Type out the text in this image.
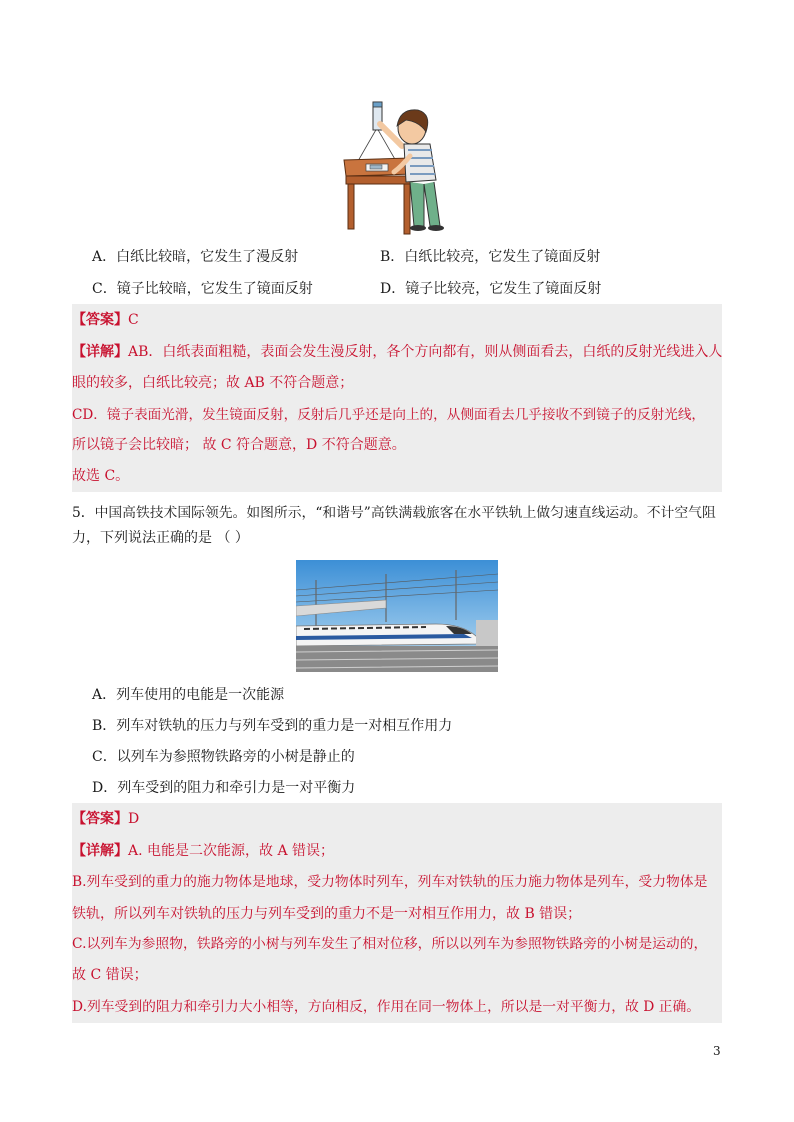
A．白纸比较暗，它发生了漫反射	B．白纸比较亮，它发生了镜面反射
C．镜子比较暗，它发生了镜面反射	D．镜子比较亮，它发生了镜面反射
【答案】C
【详解】AB．白纸表面粗糙，表面会发生漫反射，各个方向都有，则从侧面看去，白纸的反射光线进入人
眼的较多，白纸比较亮；故 AB 不符合题意；
CD．镜子表面光滑，发生镜面反射，反射后几乎还是向上的，从侧面看去几乎接收不到镜子的反射光线，
所以镜子会比较暗； 故 C 符合题意，D 不符合题意。
故选 C。
5．中国高铁技术国际领先。如图所示，“和谐号”高铁满载旅客在水平铁轨上做匀速直线运动。不计空气阻
力，下列说法正确的是 （ ）
A．列车使用的电能是一次能源
B．列车对铁轨的压力与列车受到的重力是一对相互作用力
C．以列车为参照物铁路旁的小树是静止的
D．列车受到的阻力和牵引力是一对平衡力
【答案】D
【详解】A. 电能是二次能源，故 A 错误；
B.列车受到的重力的施力物体是地球，受力物体时列车，列车对铁轨的压力施力物体是列车，受力物体是
铁轨，所以列车对铁轨的压力与列车受到的重力不是一对相互作用力，故 B 错误；
C.以列车为参照物，铁路旁的小树与列车发生了相对位移，所以以列车为参照物铁路旁的小树是运动的，
故 C 错误；
D.列车受到的阻力和牵引力大小相等，方向相反，作用在同一物体上，所以是一对平衡力，故 D 正确。
3
